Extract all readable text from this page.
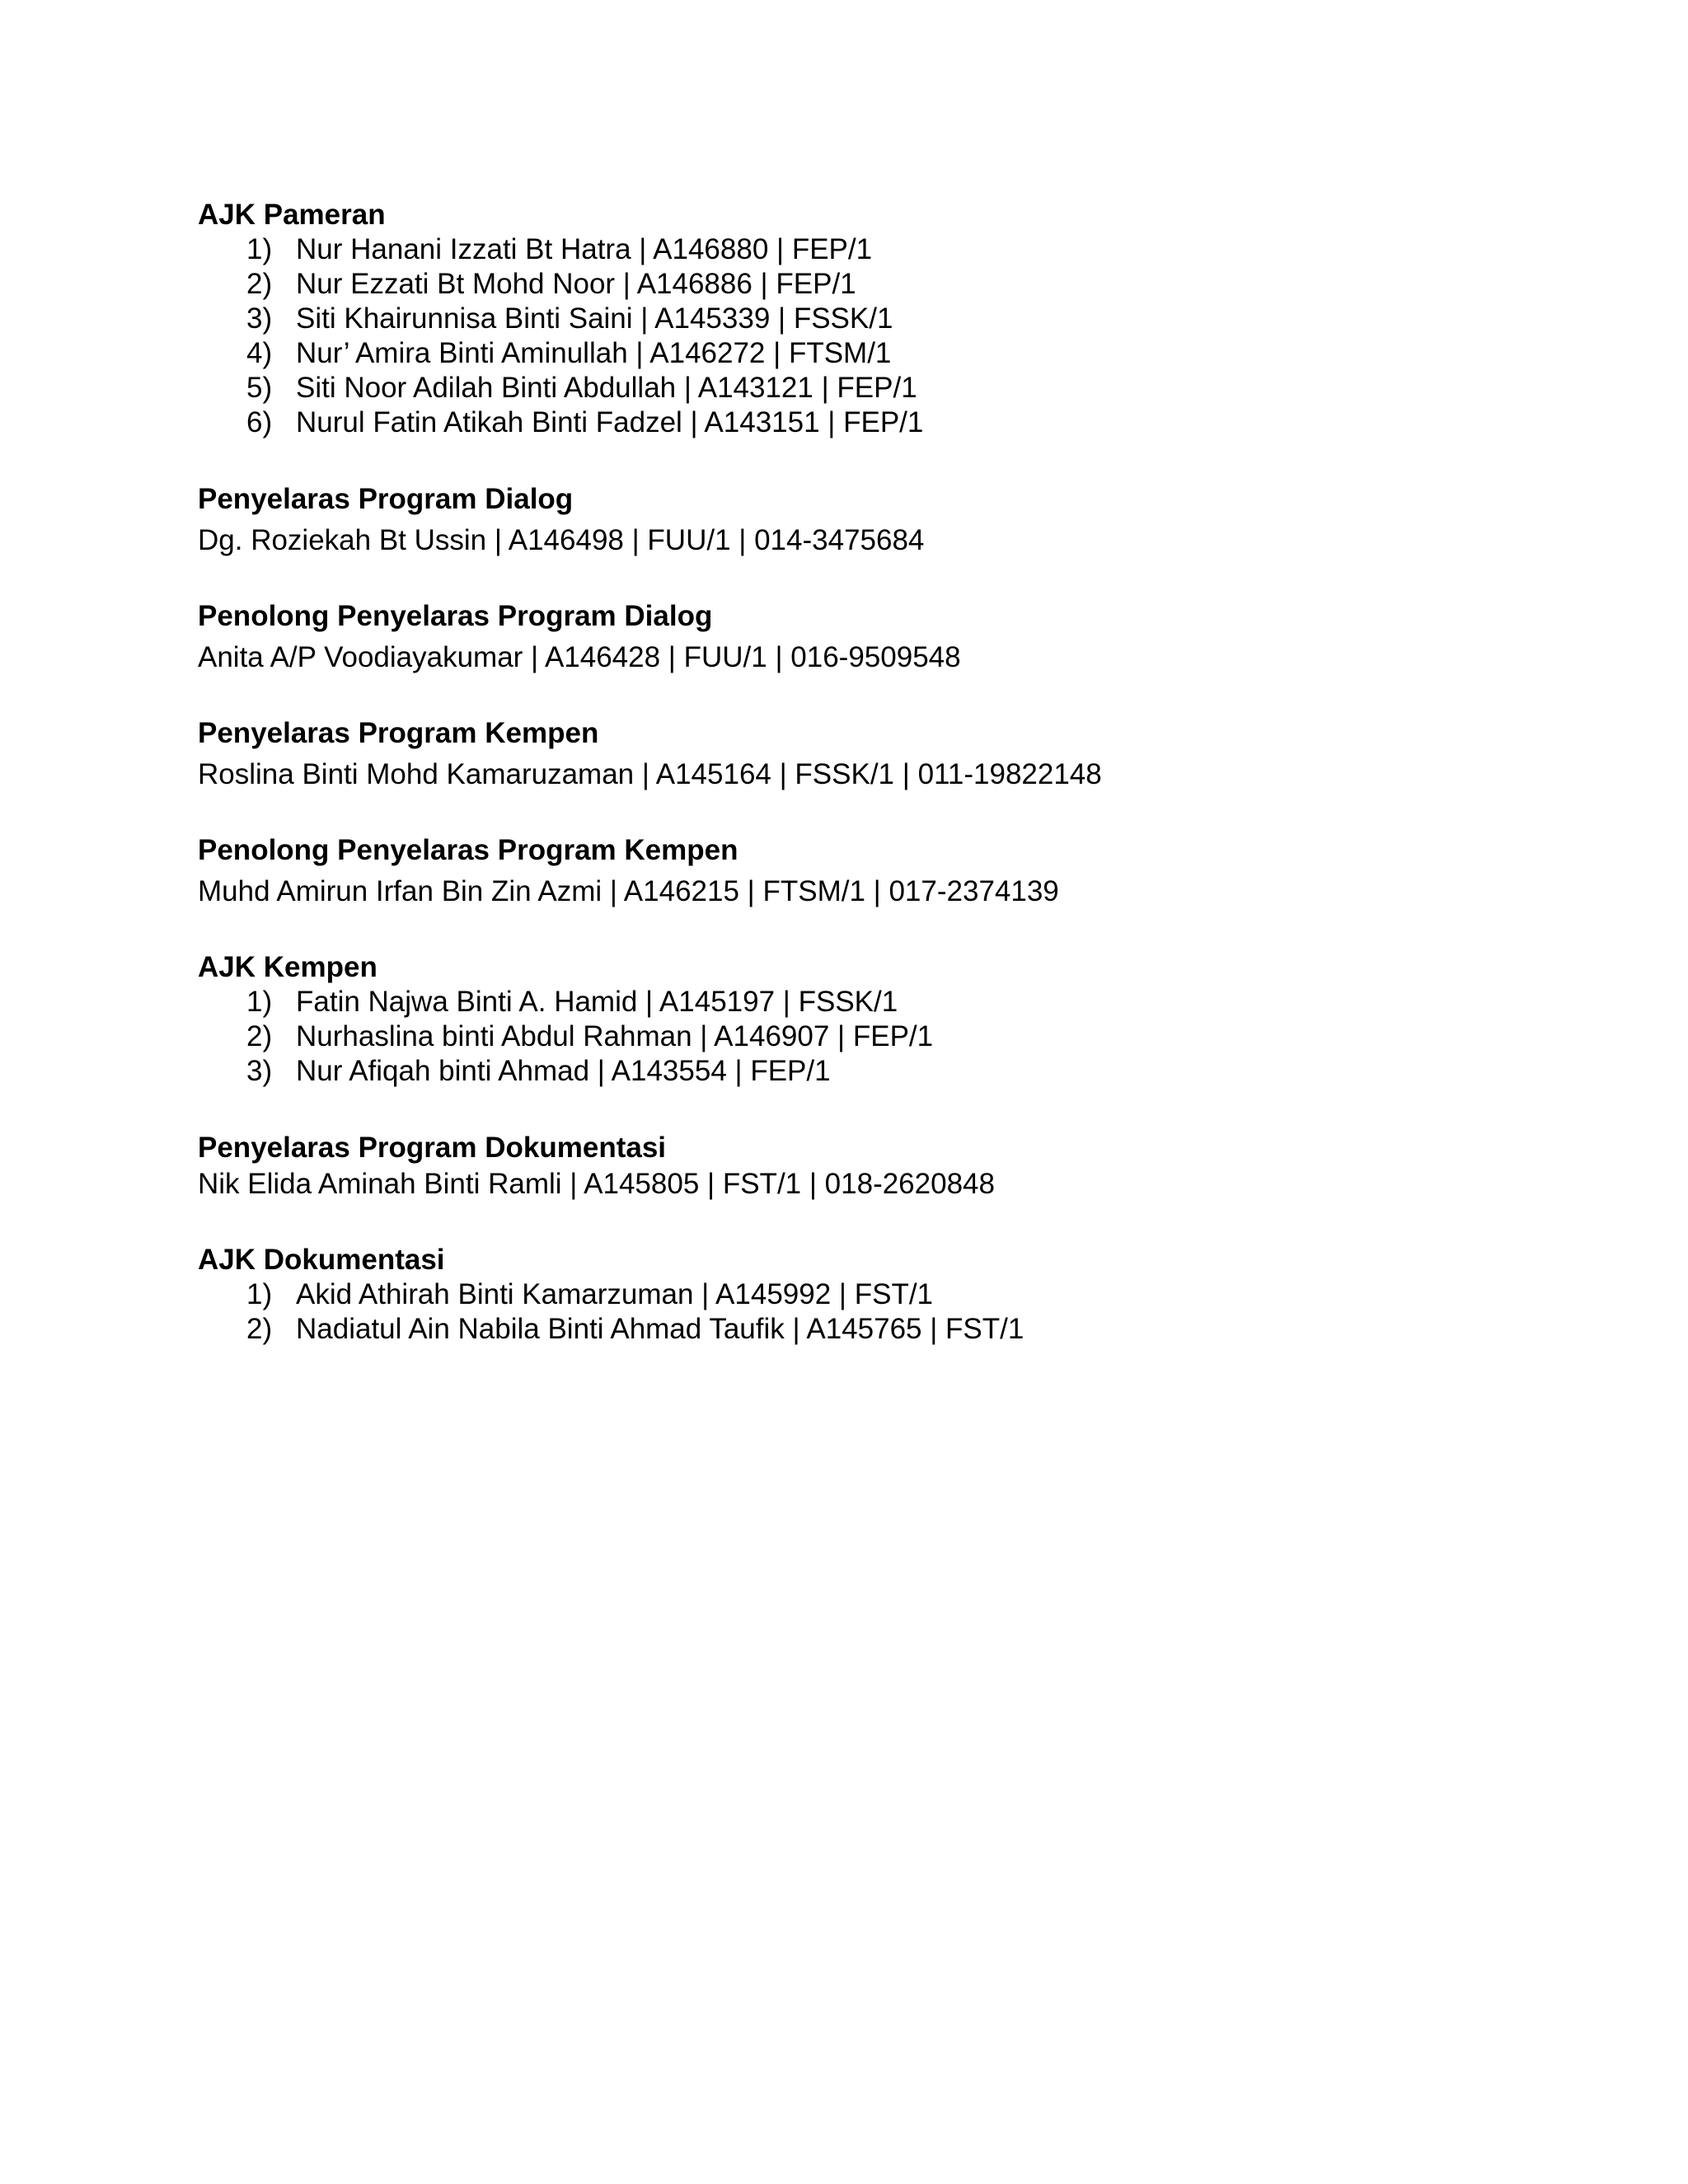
AJK Pameran
1) Nur Hanani Izzati Bt Hatra | A146880 | FEP/1
2) Nur Ezzati Bt Mohd Noor | A146886 | FEP/1
3) Siti Khairunnisa Binti Saini | A145339 | FSSK/1
4) Nur’ Amira Binti Aminullah | A146272 | FTSM/1
5) Siti Noor Adilah Binti Abdullah | A143121 | FEP/1
6) Nurul Fatin Atikah Binti Fadzel | A143151 | FEP/1
Penyelaras Program Dialog
Dg. Roziekah Bt Ussin | A146498 | FUU/1 | 014-3475684
Penolong Penyelaras Program Dialog
Anita A/P Voodiayakumar | A146428 | FUU/1 | 016-9509548
Penyelaras Program Kempen
Roslina Binti Mohd Kamaruzaman | A145164 | FSSK/1 | 011-19822148
Penolong Penyelaras Program Kempen
Muhd Amirun Irfan Bin Zin Azmi | A146215 | FTSM/1 | 017-2374139
AJK Kempen
1) Fatin Najwa Binti A. Hamid | A145197 | FSSK/1
2) Nurhaslina binti Abdul Rahman | A146907 | FEP/1
3) Nur Afiqah binti Ahmad | A143554 | FEP/1
Penyelaras Program Dokumentasi
Nik Elida Aminah Binti Ramli | A145805 | FST/1 | 018-2620848
AJK Dokumentasi
1) Akid Athirah Binti Kamarzuman | A145992 | FST/1
2) Nadiatul Ain Nabila Binti Ahmad Taufik | A145765 | FST/1
